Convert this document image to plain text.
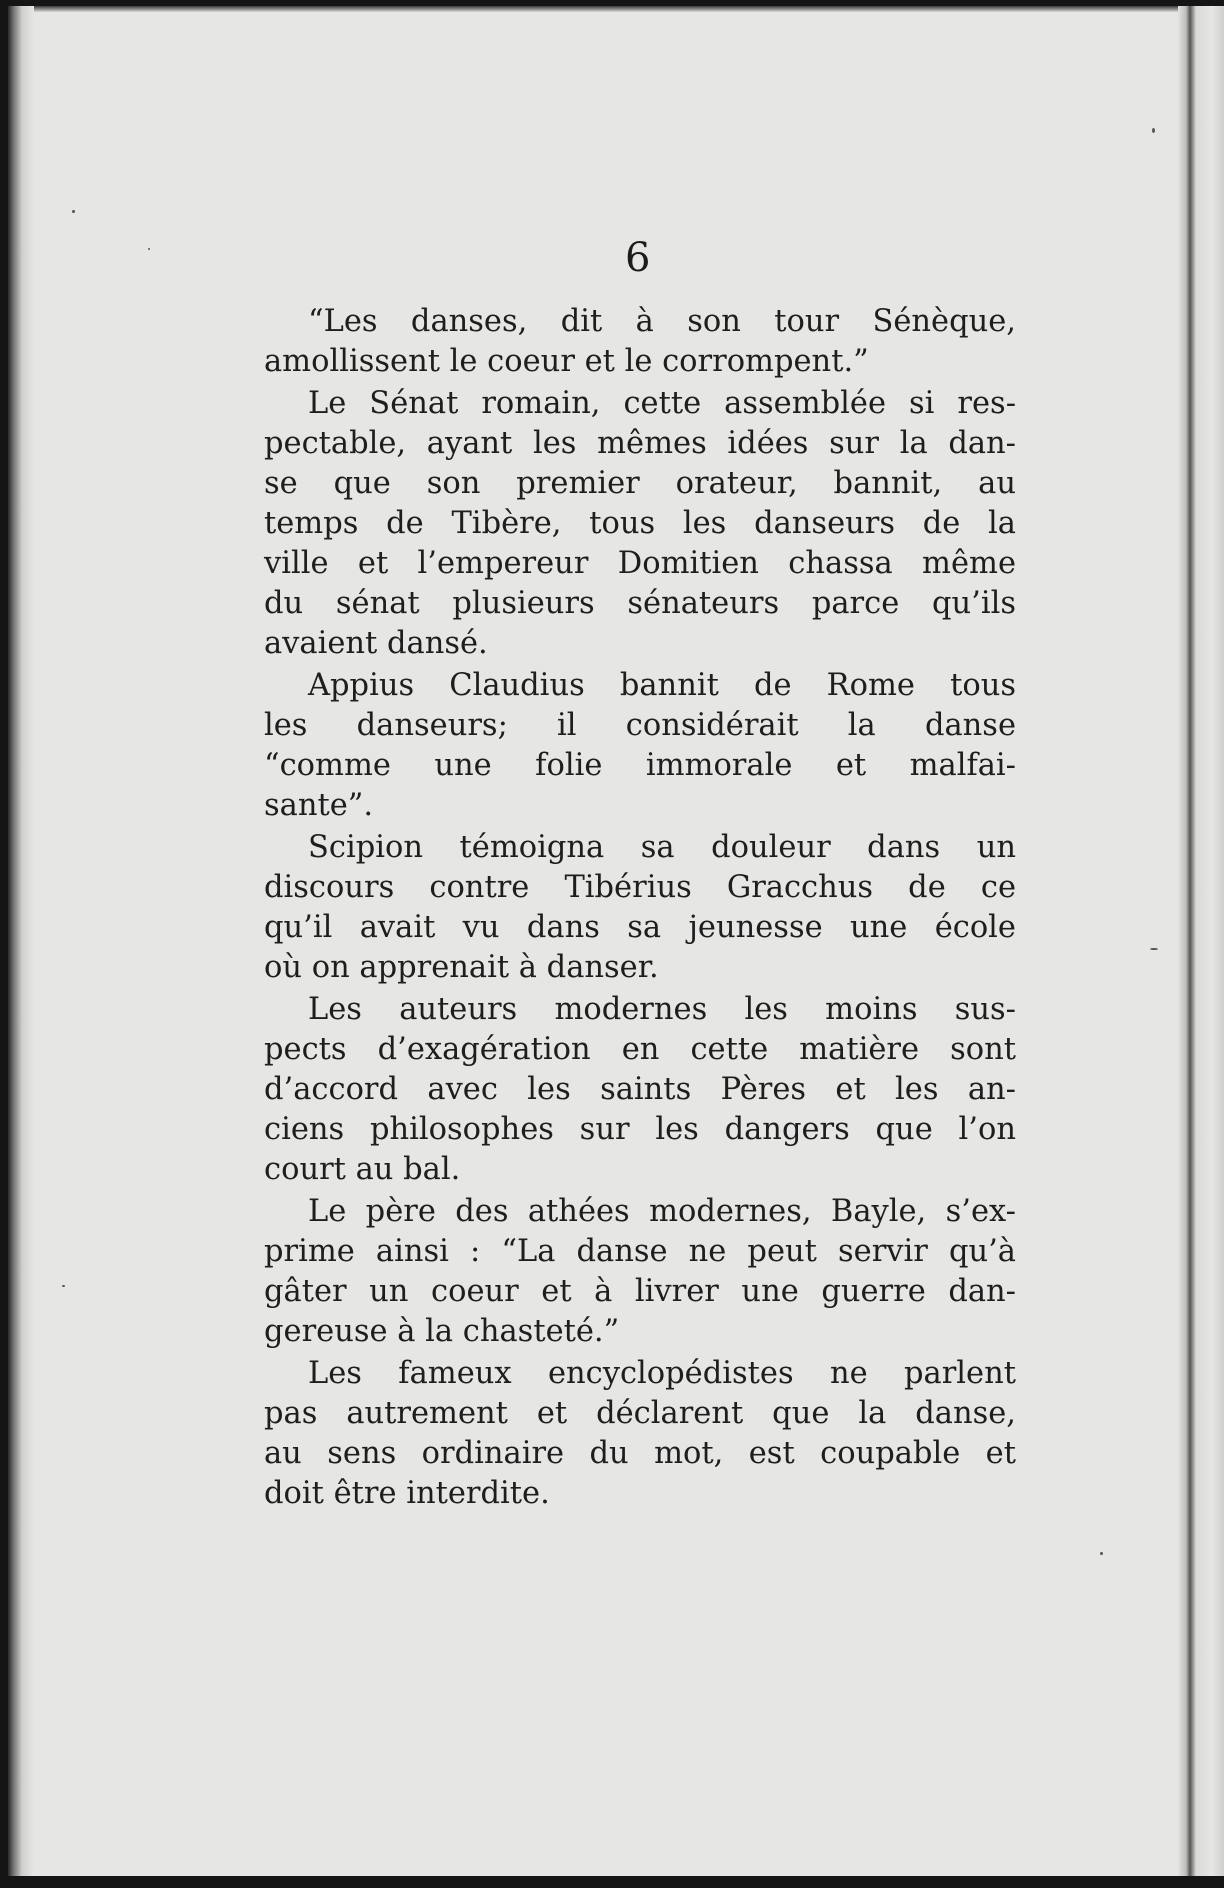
6
“Les danses, dit à son tour Sénèque,
amollissent le coeur et le corrompent.”
Le Sénat romain, cette assemblée si res-
pectable, ayant les mêmes idées sur la dan-
se que son premier orateur, bannit, au
temps de Tibère, tous les danseurs de la
ville et l’empereur Domitien chassa même
du sénat plusieurs sénateurs parce qu’ils
avaient dansé.
Appius Claudius bannit de Rome tous
les danseurs; il considérait la danse
“comme une folie immorale et malfai-
sante”.
Scipion témoigna sa douleur dans un
discours contre Tibérius Gracchus de ce
qu’il avait vu dans sa jeunesse une école
où on apprenait à danser.
Les auteurs modernes les moins sus-
pects d’exagération en cette matière sont
d’accord avec les saints Pères et les an-
ciens philosophes sur les dangers que l’on
court au bal.
Le père des athées modernes, Bayle, s’ex-
prime ainsi : “La danse ne peut servir qu’à
gâter un coeur et à livrer une guerre dan-
gereuse à la chasteté.”
Les fameux encyclopédistes ne parlent
pas autrement et déclarent que la danse,
au sens ordinaire du mot, est coupable et
doit être interdite.
